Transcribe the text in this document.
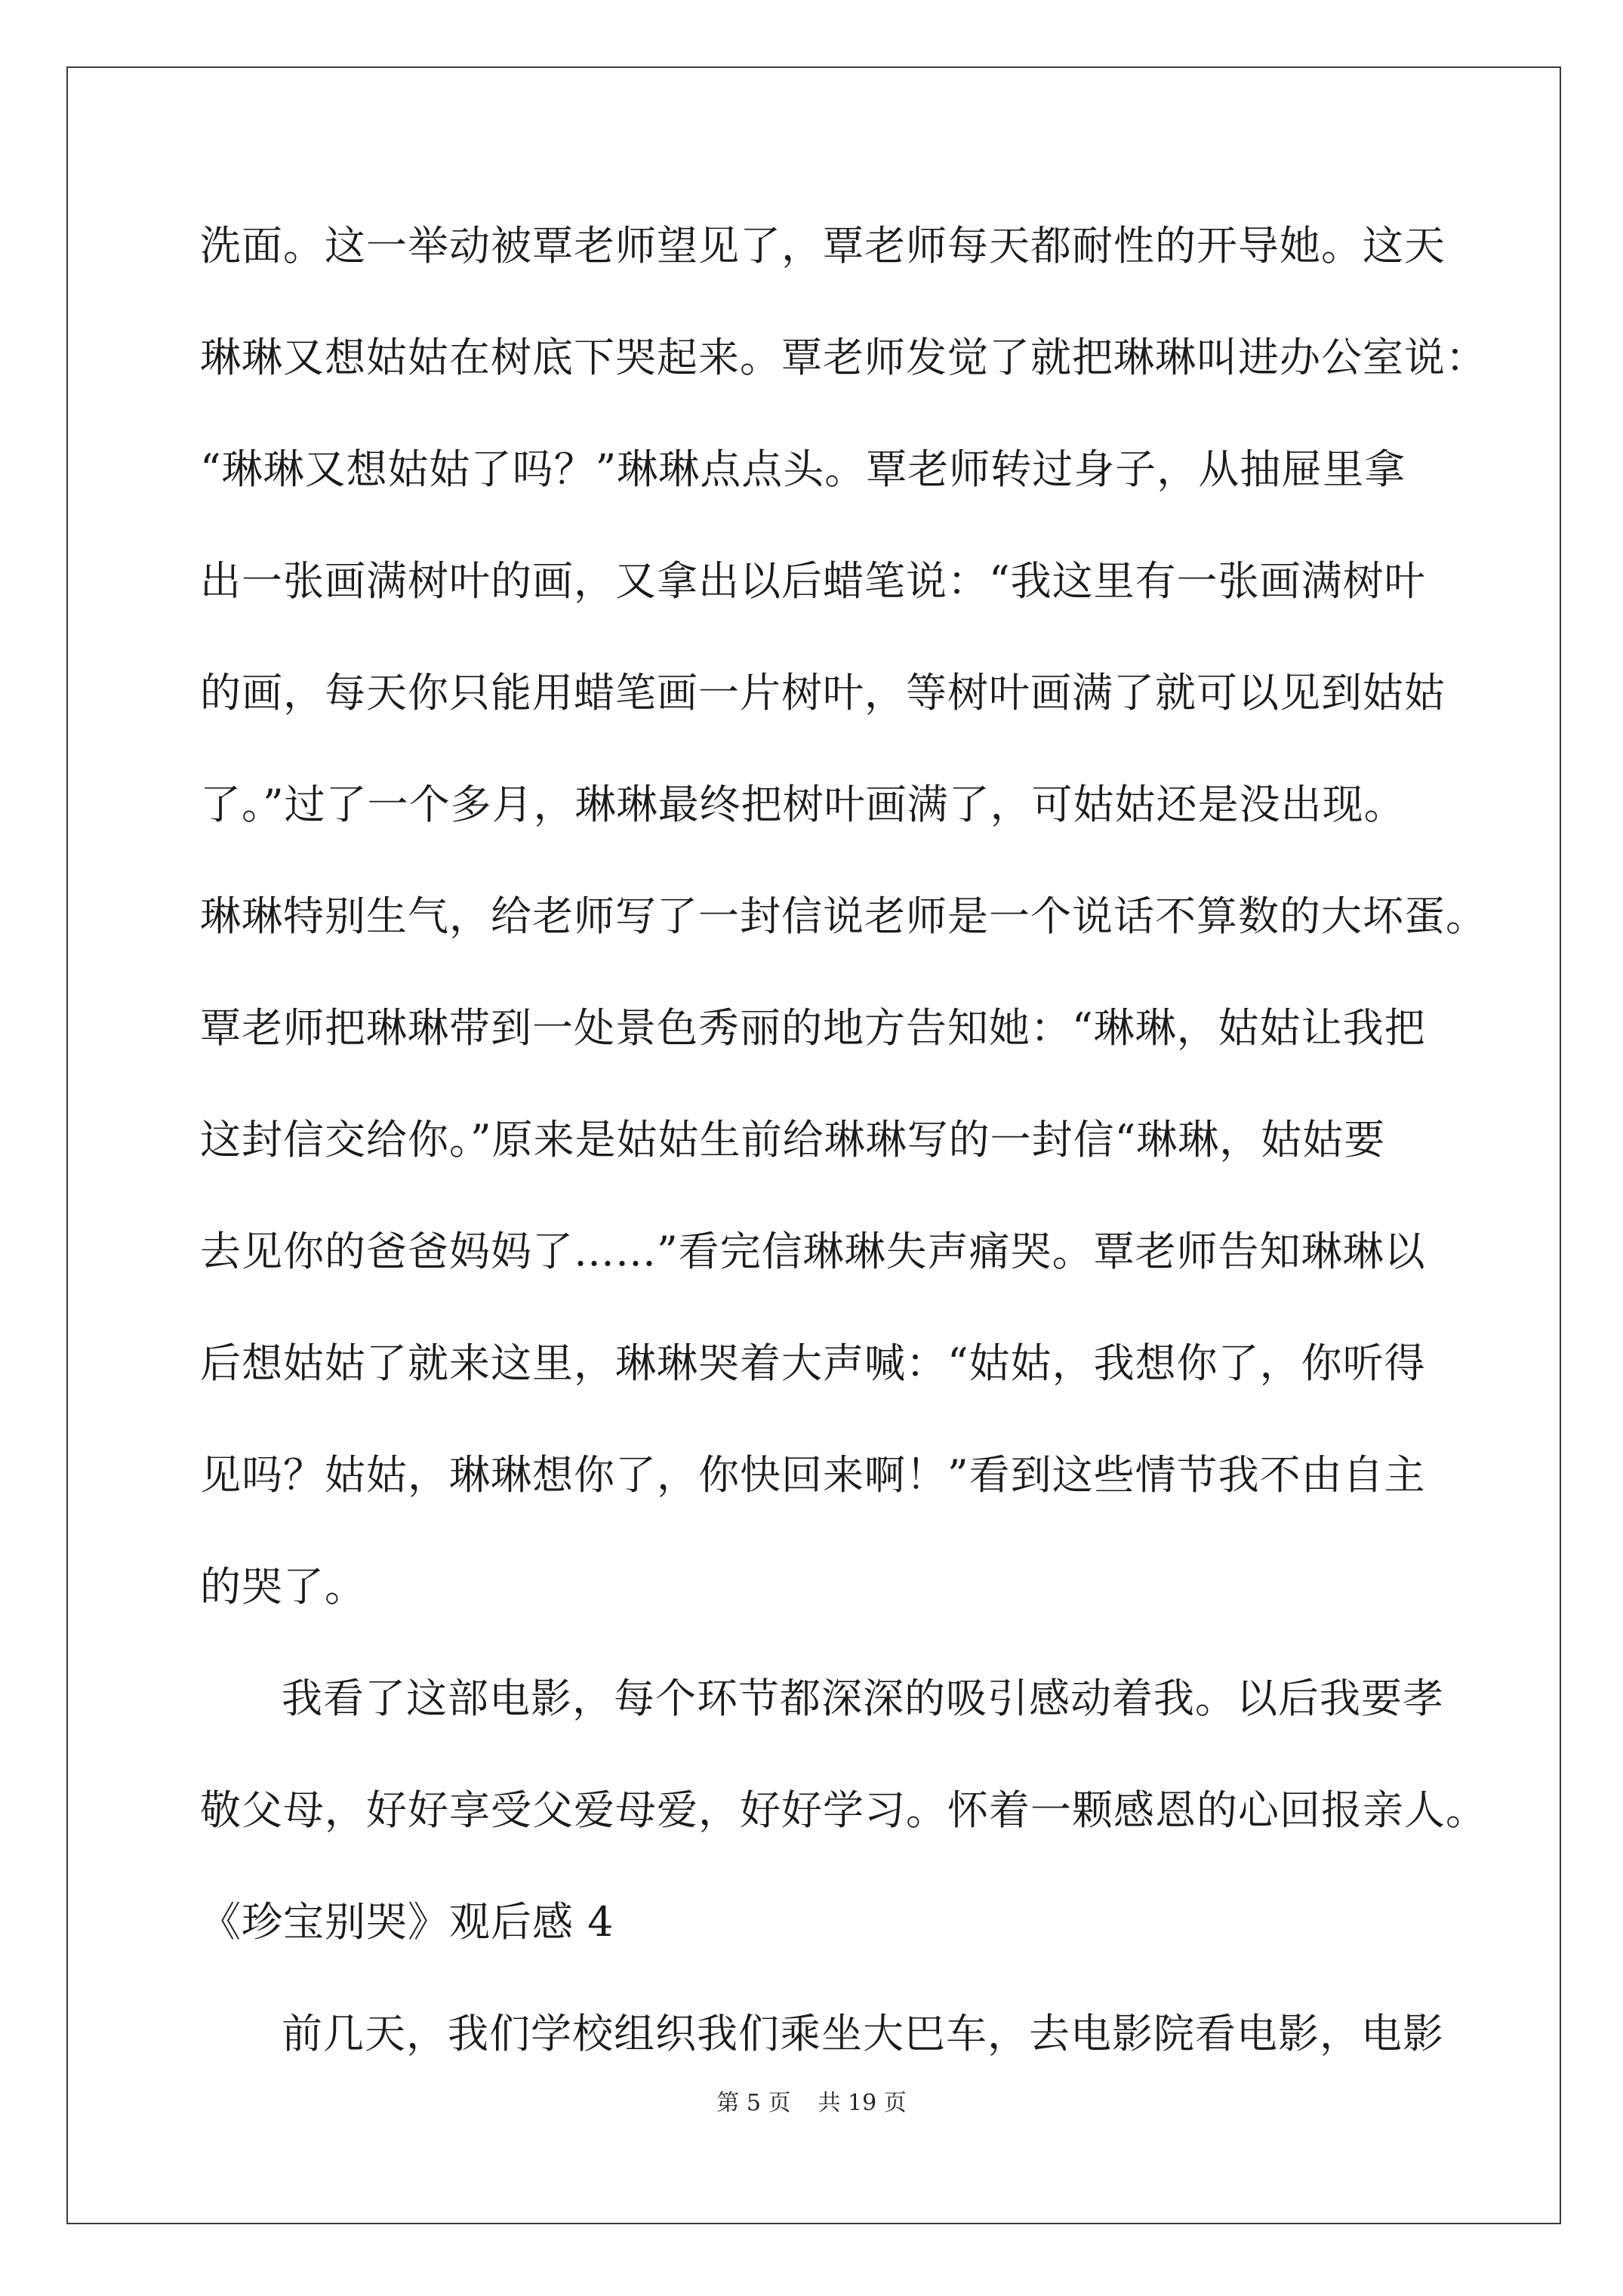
洗面。这一举动被覃老师望见了，覃老师每天都耐性的开导她。这天
琳琳又想姑姑在树底下哭起来。覃老师发觉了就把琳琳叫进办公室说：
“琳琳又想姑姑了吗？”琳琳点点头。覃老师转过身子，从抽屉里拿
出一张画满树叶的画，又拿出以后蜡笔说：“我这里有一张画满树叶
的画，每天你只能用蜡笔画一片树叶，等树叶画满了就可以见到姑姑
了。”过了一个多月，琳琳最终把树叶画满了，可姑姑还是没出现。
琳琳特别生气，给老师写了一封信说老师是一个说话不算数的大坏蛋。
覃老师把琳琳带到一处景色秀丽的地方告知她：“琳琳，姑姑让我把
这封信交给你。”原来是姑姑生前给琳琳写的一封信“琳琳，姑姑要
去见你的爸爸妈妈了……”看完信琳琳失声痛哭。覃老师告知琳琳以
后想姑姑了就来这里，琳琳哭着大声喊：“姑姑，我想你了，你听得
见吗？姑姑，琳琳想你了，你快回来啊！”看到这些情节我不由自主
的哭了。
我看了这部电影，每个环节都深深的吸引感动着我。以后我要孝
敬父母，好好享受父爱母爱，好好学习。怀着一颗感恩的心回报亲人。
《珍宝别哭》观后感 4
前几天，我们学校组织我们乘坐大巴车，去电影院看电影，电影
第 5 页 共 19 页
